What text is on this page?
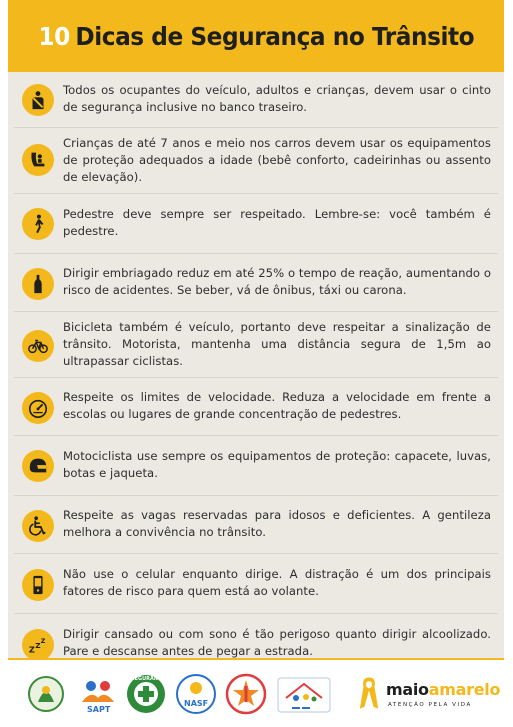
10 Dicas de Segurança no Trânsito

Todos os ocupantes do veículo, adultos e crianças, devem usar o cinto de segurança inclusive no banco traseiro.

Crianças de até 7 anos e meio nos carros devem usar os equipamentos de proteção adequados a idade (bebê conforto, cadeirinhas ou assento de elevação).

Pedestre deve sempre ser respeitado. Lembre-se: você também é pedestre.

Dirigir embriagado reduz em até 25% o tempo de reação, aumentando o risco de acidentes. Se beber, vá de ônibus, táxi ou carona.

Bicicleta também é veículo, portanto deve respeitar a sinalização de trânsito. Motorista, mantenha uma distância segura de 1,5m ao ultrapassar ciclistas.

Respeite os limites de velocidade. Reduza a velocidade em frente a escolas ou lugares de grande concentração de pedestres.

Motociclista use sempre os equipamentos de proteção: capacete, luvas, botas e jaqueta.

Respeite as vagas reservadas para idosos e deficientes. A gentileza melhora a convivência no trânsito.

Não use o celular enquanto dirige. A distração é um dos principais fatores de risco para quem está ao volante.

Z Z Z

Dirigir cansado ou com sono é tão perigoso quanto dirigir alcoolizado. Pare e descanse antes de pegar a estrada.

SAPT
SEGURANÇA
NASF
maioamarelo
ATENÇÃO PELA VIDA
